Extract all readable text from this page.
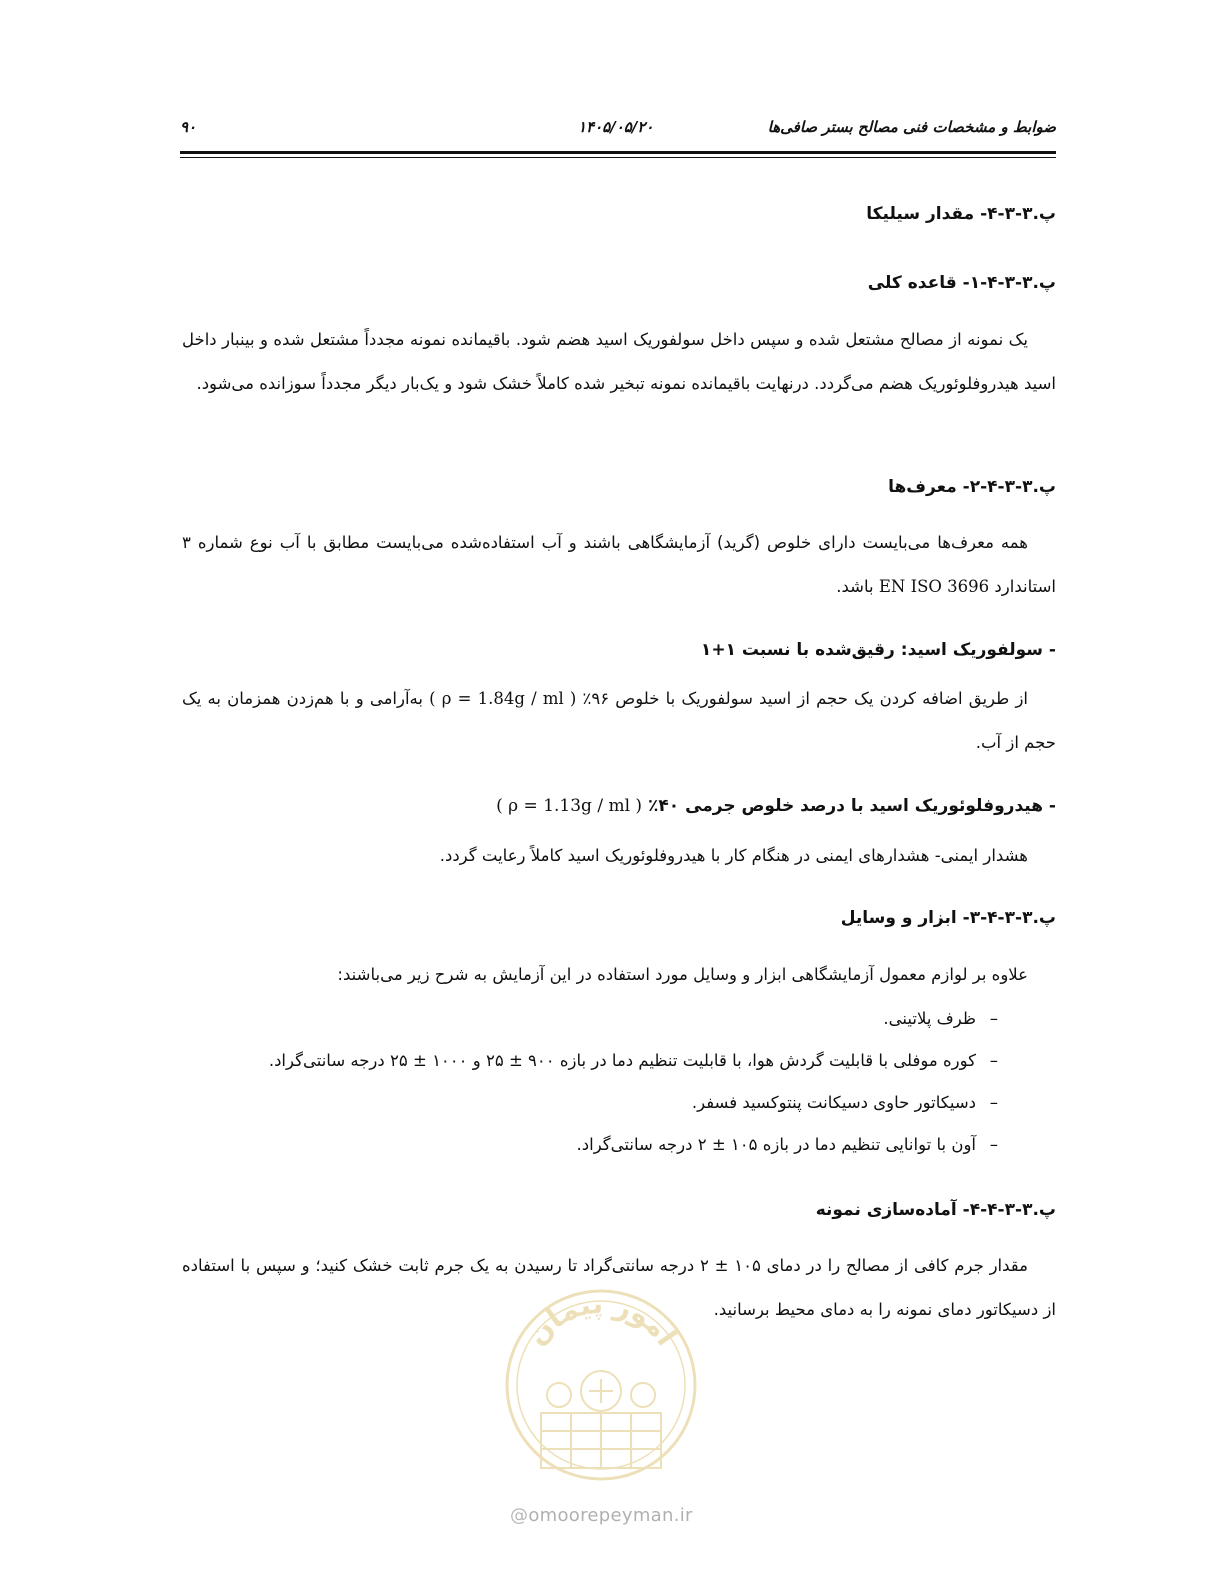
ضوابط و مشخصات فنی مصالح بستر صافی‌ها
۱۴۰۵/۰۵/۲۰
۹۰
پ.۳-۳-۴- مقدار سیلیکا
پ.۳-۳-۴-۱- قاعده کلی
یک نمونه از مصالح مشتعل شده و سپس داخل سولفوریک اسید هضم شود. باقیمانده نمونه مجدداً مشتعل شده و بینبار داخل اسید هیدروفلوئوریک هضم می‌گردد. درنهایت باقیمانده نمونه تبخیر شده کاملاً خشک شود و یک‌بار دیگر مجدداً سوزانده می‌شود.
پ.۳-۳-۴-۲- معرف‌ها
همه معرف‌ها می‌بایست دارای خلوص (گرید) آزمایشگاهی باشند و آب استفاده‌شده می‌بایست مطابق با آب نوع شماره ۳ استاندارد EN ISO 3696 باشد.
- سولفوریک اسید: رقیق‌شده با نسبت ۱+۱
از طریق اضافه کردن یک حجم از اسید سولفوریک با خلوص ۹۶٪ ( ρ = 1.84g / ml ) به‌آرامی و با هم‌زدن همزمان به یک حجم از آب.
- هیدروفلوئوریک اسید با درصد خلوص جرمی ۴۰٪ ( ρ = 1.13g / ml )
هشدار ایمنی- هشدارهای ایمنی در هنگام کار با هیدروفلوئوریک اسید کاملاً رعایت گردد.
پ.۳-۳-۴-۳- ابزار و وسایل
علاوه بر لوازم معمول آزمایشگاهی ابزار و وسایل مورد استفاده در این آزمایش به شرح زیر می‌باشند:
–
ظرف پلاتینی.
–
کوره موفلی با قابلیت گردش هوا، با قابلیت تنظیم دما در بازه ۹۰۰ ± ۲۵ و ۱۰۰۰ ± ۲۵ درجه سانتی‌گراد.
–
دسیکاتور حاوی دسیکانت پنتوکسید فسفر.
–
آون با توانایی تنظیم دما در بازه ۱۰۵ ± ۲ درجه سانتی‌گراد.
پ.۳-۳-۴-۴- آماده‌سازی نمونه
مقدار جرم کافی از مصالح را در دمای ۱۰۵ ± ۲ درجه سانتی‌گراد تا رسیدن به یک جرم ثابت خشک کنید؛ و سپس با استفاده از دسیکاتور دمای نمونه را به دمای محیط برسانید.
امور پیمان
@omoorepeyman.ir
